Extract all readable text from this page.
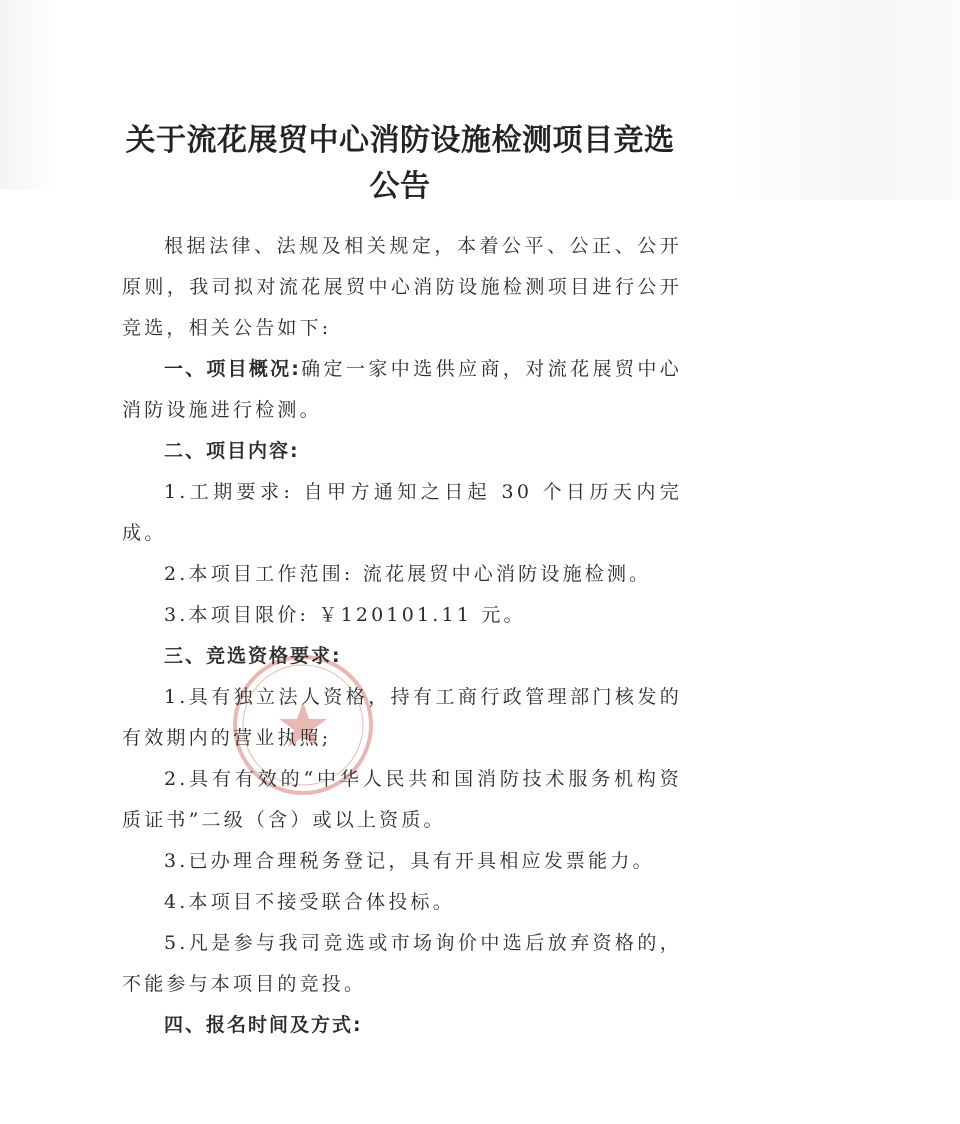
关于流花展贸中心消防设施检测项目竞选
公告

根据法律、法规及相关规定，本着公平、公正、公开原则，我司拟对流花展贸中心消防设施检测项目进行公开竞选，相关公告如下:

一、项目概况:确定一家中选供应商，对流花展贸中心消防设施进行检测。

二、项目内容:

1.工期要求: 自甲方通知之日起 30 个日历天内完成。

2.本项目工作范围: 流花展贸中心消防设施检测。

3.本项目限价: ￥120101.11 元。

三、竞选资格要求:

1.具有独立法人资格，持有工商行政管理部门核发的有效期内的营业执照;

2.具有有效的“中华人民共和国消防技术服务机构资质证书”二级（含）或以上资质。

3.已办理合理税务登记，具有开具相应发票能力。

4.本项目不接受联合体投标。

5.凡是参与我司竞选或市场询价中选后放弃资格的，不能参与本项目的竞投。

四、报名时间及方式:
